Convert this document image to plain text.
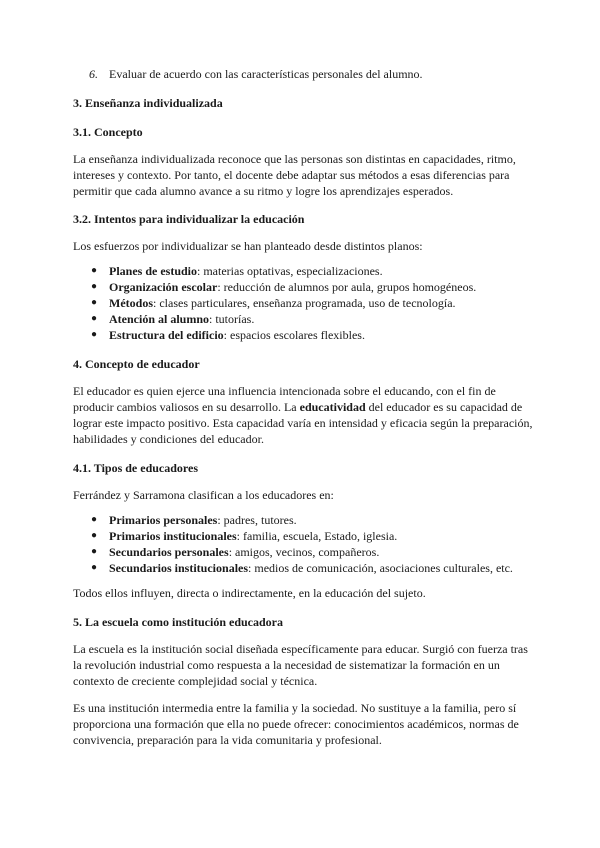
6. Evaluar de acuerdo con las características personales del alumno.
3. Enseñanza individualizada
3.1. Concepto

La enseñanza individualizada reconoce que las personas son distintas en capacidades, ritmo, intereses y contexto. Por tanto, el docente debe adaptar sus métodos a esas diferencias para permitir que cada alumno avance a su ritmo y logre los aprendizajes esperados.

3.2. Intentos para individualizar la educación

Los esfuerzos por individualizar se han planteado desde distintos planos:

● Planes de estudio: materias optativas, especializaciones.
● Organización escolar: reducción de alumnos por aula, grupos homogéneos.
● Métodos: clases particulares, enseñanza programada, uso de tecnología.
● Atención al alumno: tutorías.
● Estructura del edificio: espacios escolares flexibles.
4. Concepto de educador

El educador es quien ejerce una influencia intencionada sobre el educando, con el fin de producir cambios valiosos en su desarrollo. La educatividad del educador es su capacidad de lograr este impacto positivo. Esta capacidad varía en intensidad y eficacia según la preparación, habilidades y condiciones del educador.

4.1. Tipos de educadores

Ferrández y Sarramona clasifican a los educadores en:

● Primarios personales: padres, tutores.
● Primarios institucionales: familia, escuela, Estado, iglesia.
● Secundarios personales: amigos, vecinos, compañeros.
● Secundarios institucionales: medios de comunicación, asociaciones culturales, etc.

Todos ellos influyen, directa o indirectamente, en la educación del sujeto.

5. La escuela como institución educadora

La escuela es la institución social diseñada específicamente para educar. Surgió con fuerza tras la revolución industrial como respuesta a la necesidad de sistematizar la formación en un contexto de creciente complejidad social y técnica.

Es una institución intermedia entre la familia y la sociedad. No sustituye a la familia, pero sí proporciona una formación que ella no puede ofrecer: conocimientos académicos, normas de convivencia, preparación para la vida comunitaria y profesional.
